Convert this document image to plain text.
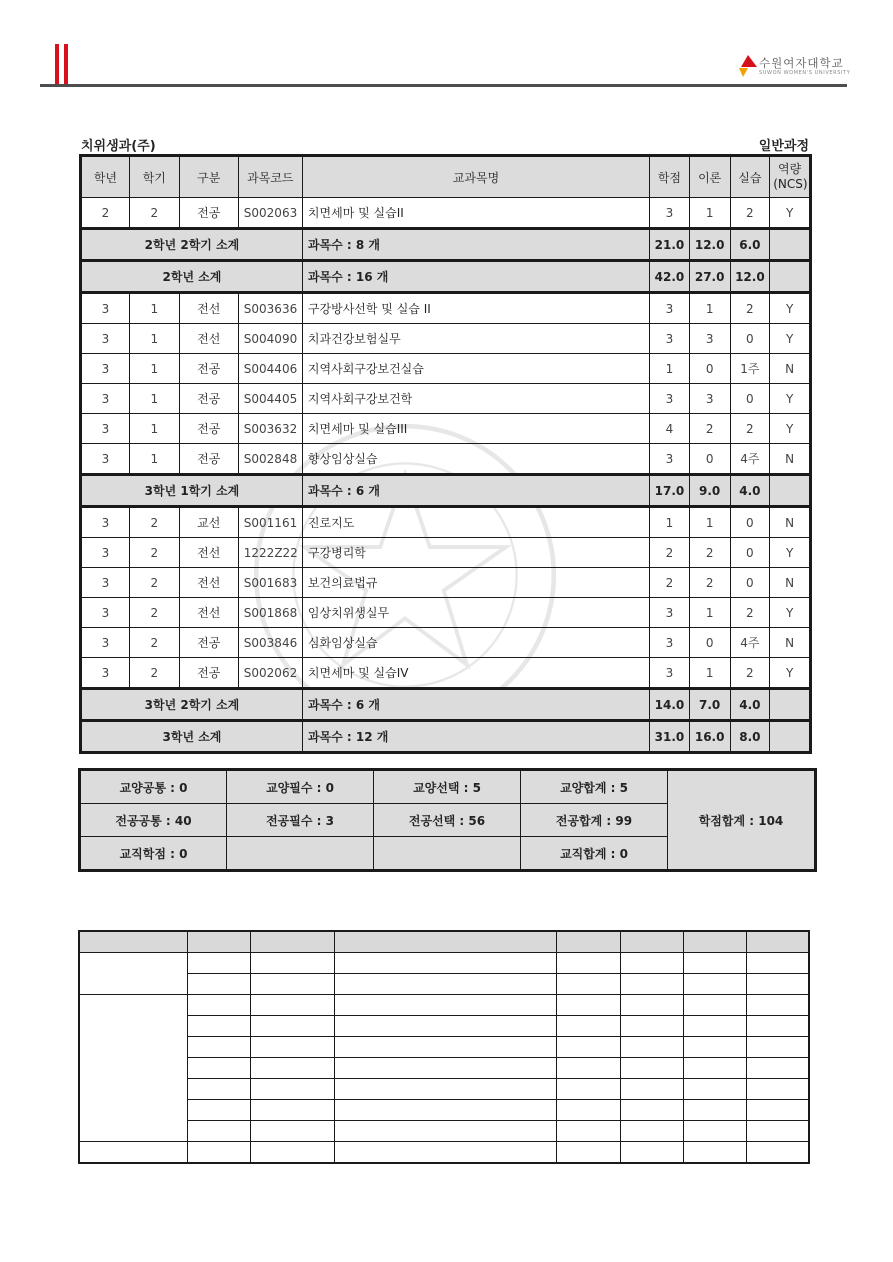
수원여자대학교
SUWON WOMEN'S UNIVERSITY
치위생과(주)	일반과정
학년	학기	구분	과목코드	교과목명	학점	이론	실습	역량(NCS)
2	2	전공	S002063	치면세마 및 실습II	3	1	2	Y
2학년 2학기 소계				과목수 : 8 개	21.0	12.0	6.0	
2학년 소계				과목수 : 16 개	42.0	27.0	12.0	
3	1	전선	S003636	구강방사선학 및 실습 II	3	1	2	Y
3	1	전선	S004090	치과건강보험실무	3	3	0	Y
3	1	전공	S004406	지역사회구강보건실습	1	0	1주	N
3	1	전공	S004405	지역사회구강보건학	3	3	0	Y
3	1	전공	S003632	치면세마 및 실습III	4	2	2	Y
3	1	전공	S002848	향상임상실습	3	0	4주	N
3학년 1학기 소계				과목수 : 6 개	17.0	9.0	4.0	
3	2	교선	S001161	진로지도	1	1	0	N
3	2	전선	1222Z22	구강병리학	2	2	0	Y
3	2	전선	S001683	보건의료법규	2	2	0	N
3	2	전선	S001868	임상치위생실무	3	1	2	Y
3	2	전공	S003846	심화임상실습	3	0	4주	N
3	2	전공	S002062	치면세마 및 실습IV	3	1	2	Y
3학년 2학기 소계				과목수 : 6 개	14.0	7.0	4.0	
3학년 소계				과목수 : 12 개	31.0	16.0	8.0	
교양공통 : 0	교양필수 : 0	교양선택 : 5	교양합계 : 5	학점합계 : 104
전공공통 : 40	전공필수 : 3	전공선택 : 56	전공합계 : 99	
교직학점 : 0			교직합계 : 0	
